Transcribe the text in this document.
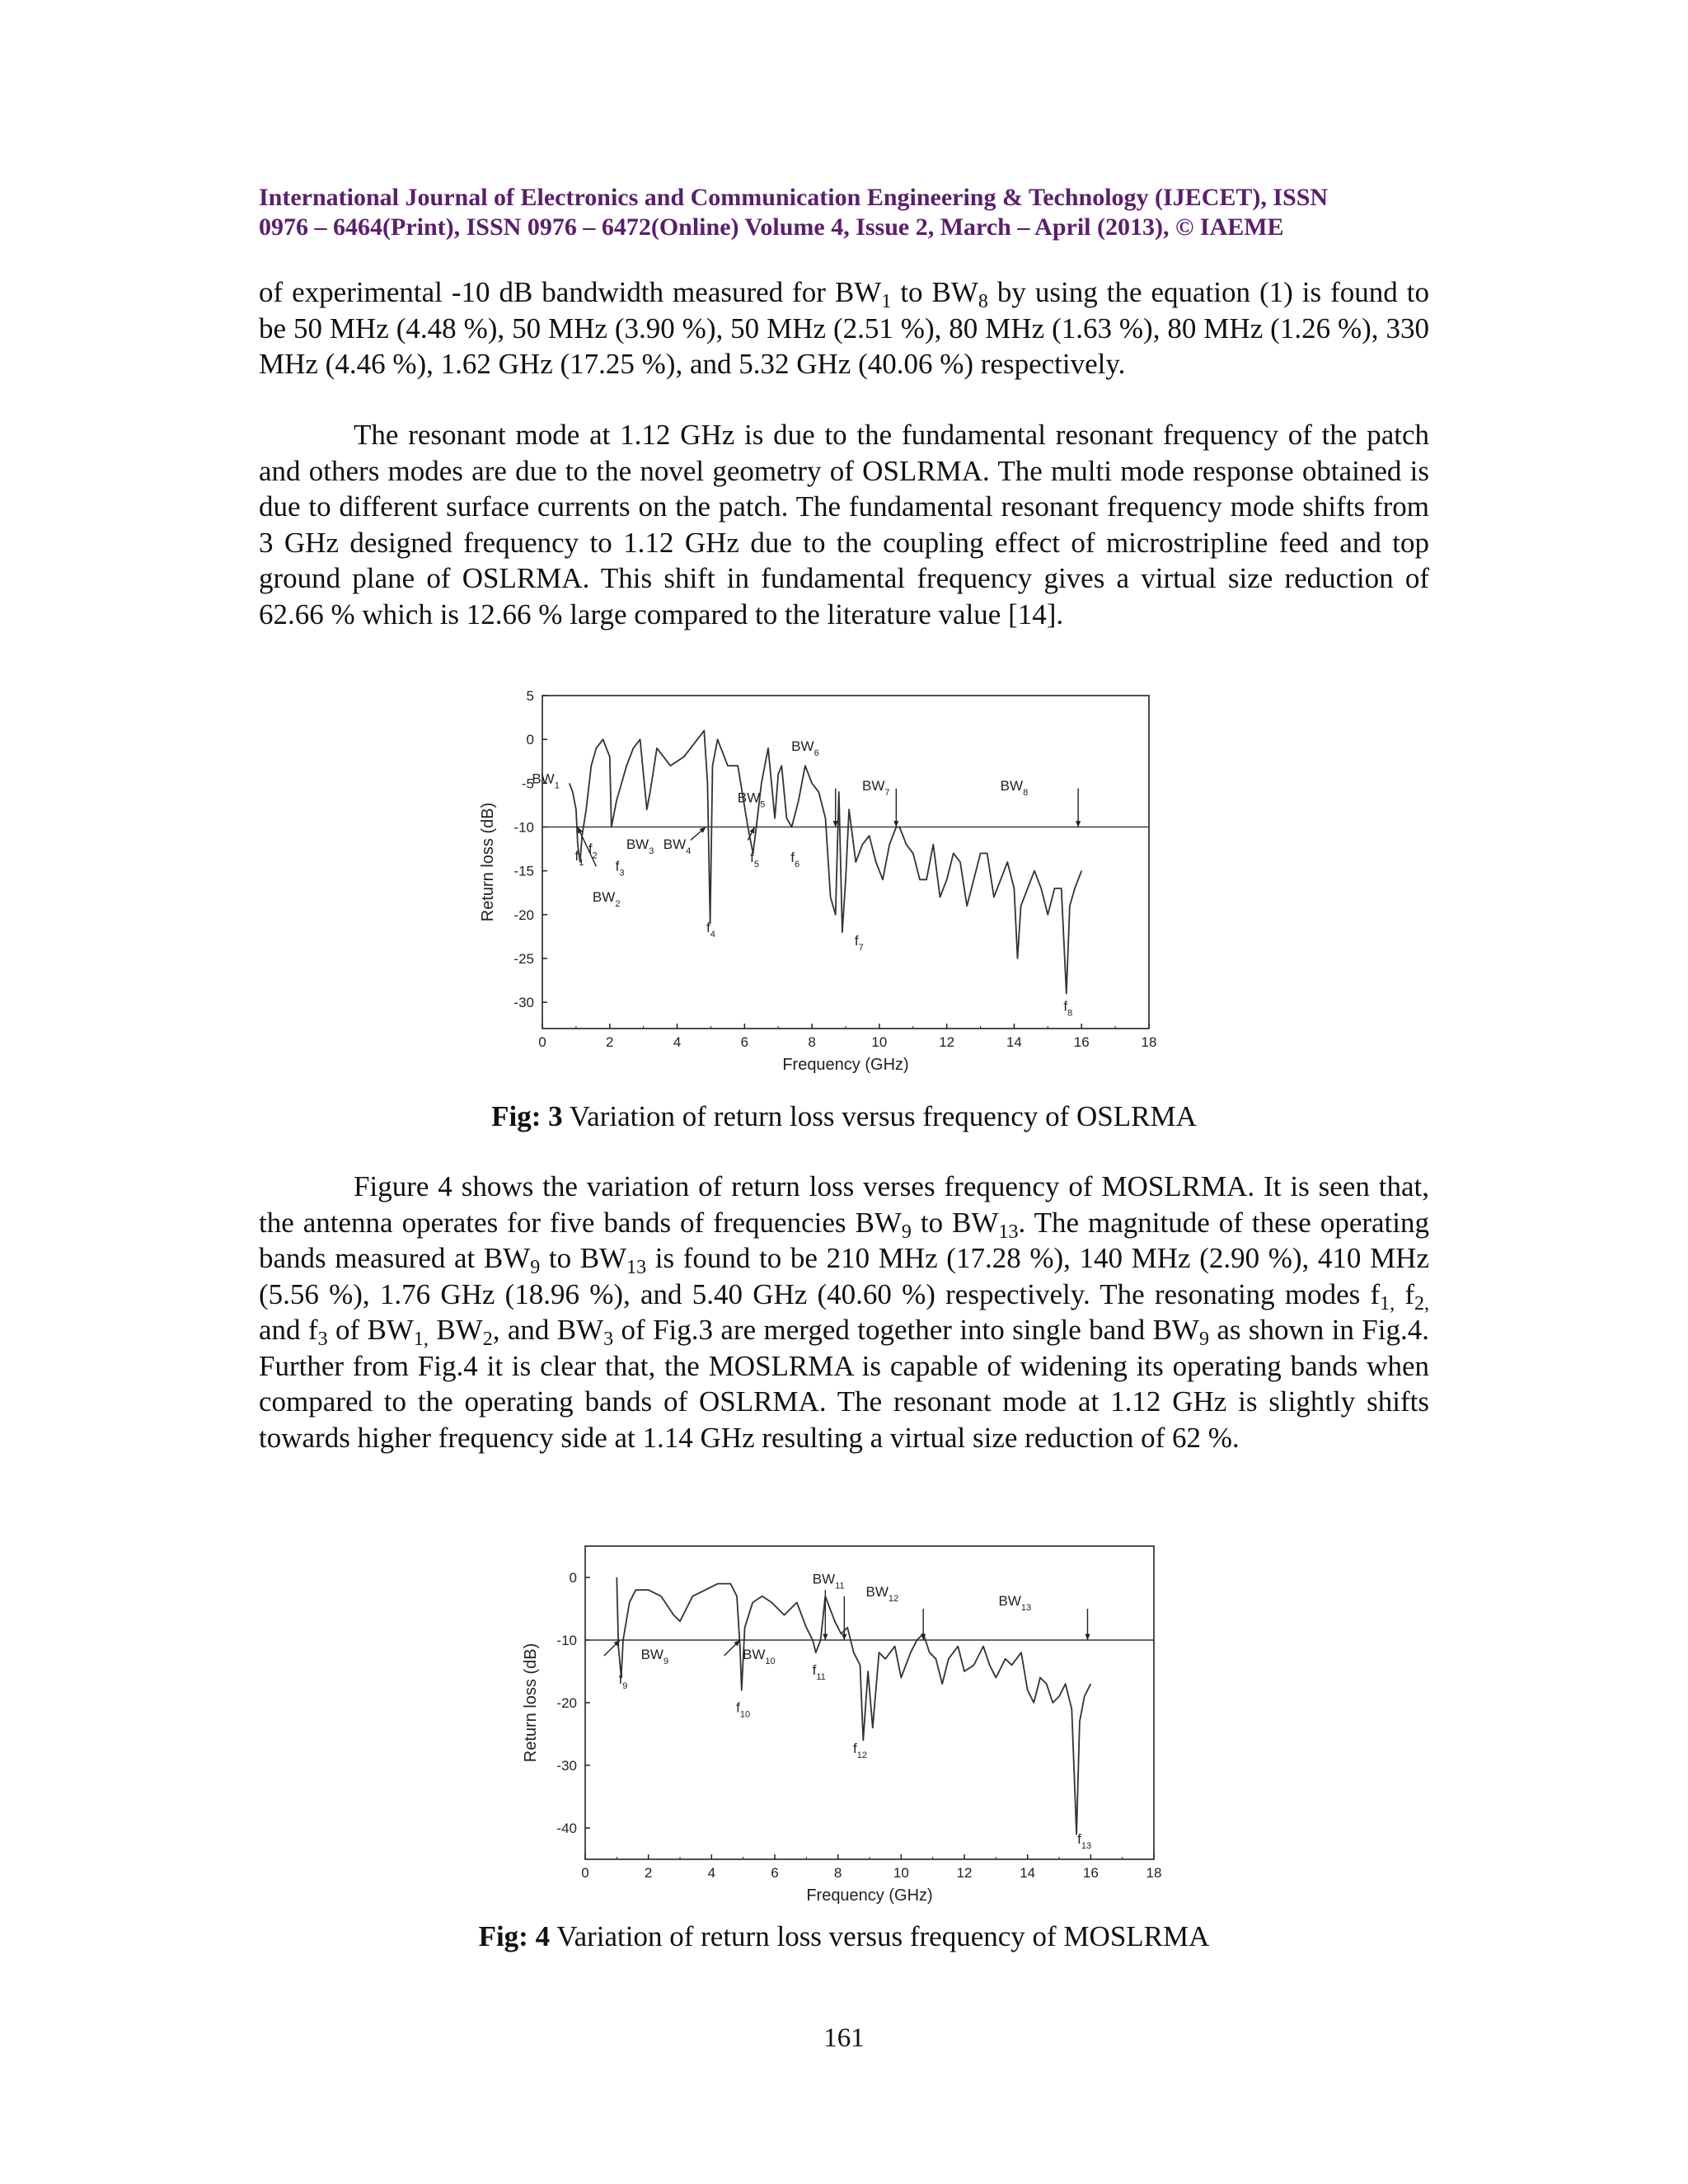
International Journal of Electronics and Communication Engineering & Technology (IJECET), ISSN
0976 – 6464(Print), ISSN 0976 – 6472(Online) Volume 4, Issue 2, March – April (2013), © IAEME

of experimental -10 dB bandwidth measured for $BW_1$ to $BW_8$ by using the equation (1) is found to be 50 MHz (4.48 %), 50 MHz (3.90 %), 50 MHz (2.51 %), 80 MHz (1.63 %), 80 MHz (1.26 %), 330 MHz (4.46 %), 1.62 GHz (17.25 %), and 5.32 GHz (40.06 %) respectively.

The resonant mode at 1.12 GHz is due to the fundamental resonant frequency of the patch and others modes are due to the novel geometry of OSLRMA. The multi mode response obtained is due to different surface currents on the patch. The fundamental resonant frequency mode shifts from 3 GHz designed frequency to 1.12 GHz due to the coupling effect of microstripline feed and top ground plane of OSLRMA. This shift in fundamental frequency gives a virtual size reduction of 62.66 % which is 12.66 % large compared to the literature value [14].

0	2	4	6	8	10	12	14	16	18
5
0
-5
-10
-15
-20
-25
-30
Frequency (GHz)
Return loss (dB)
$BW_1$
$BW_2$
$BW_3$ $BW_4$
$BW_5$
$BW_6$
$BW_7$	$BW_8$
$f_1$
$f_2$
$f_3$
$f_4$
$f_5$ $f_6$
$f_7$
$f_8$
Fig: 3 Variation of return loss versus frequency of OSLRMA

Figure 4 shows the variation of return loss verses frequency of MOSLRMA. It is seen that, the antenna operates for five bands of frequencies $BW_9$ to $BW_{13}$. The magnitude of these operating bands measured at $BW_9$ to $BW_{13}$ is found to be 210 MHz (17.28 %), 140 MHz (2.90 %), 410 MHz (5.56 %), 1.76 GHz (18.96 %), and 5.40 GHz (40.60 %) respectively. The resonating modes $f_{1,}$ $f_{2,}$ and $f_3$ of $BW_{1,}$ $BW_2$, and $BW_3$ of Fig.3 are merged together into single band $BW_9$ as shown in Fig.4. Further from Fig.4 it is clear that, the MOSLRMA is capable of widening its operating bands when compared to the operating bands of OSLRMA. The resonant mode at 1.12 GHz is slightly shifts towards higher frequency side at 1.14 GHz resulting a virtual size reduction of 62 %.

0	2	4	6	8	10	12	14	16	18
0
-10
-20
-30
-40
Frequency (GHz)
Return loss (dB)	$BW_9$	$BW_{10}$
$BW_{11}$ $BW_{12}$	$BW_{13}$
$f_9$
$f_{10}$
$f_{11}$
$f_{12}$
$f_{13}$
Fig: 4 Variation of return loss versus frequency of MOSLRMA
161
